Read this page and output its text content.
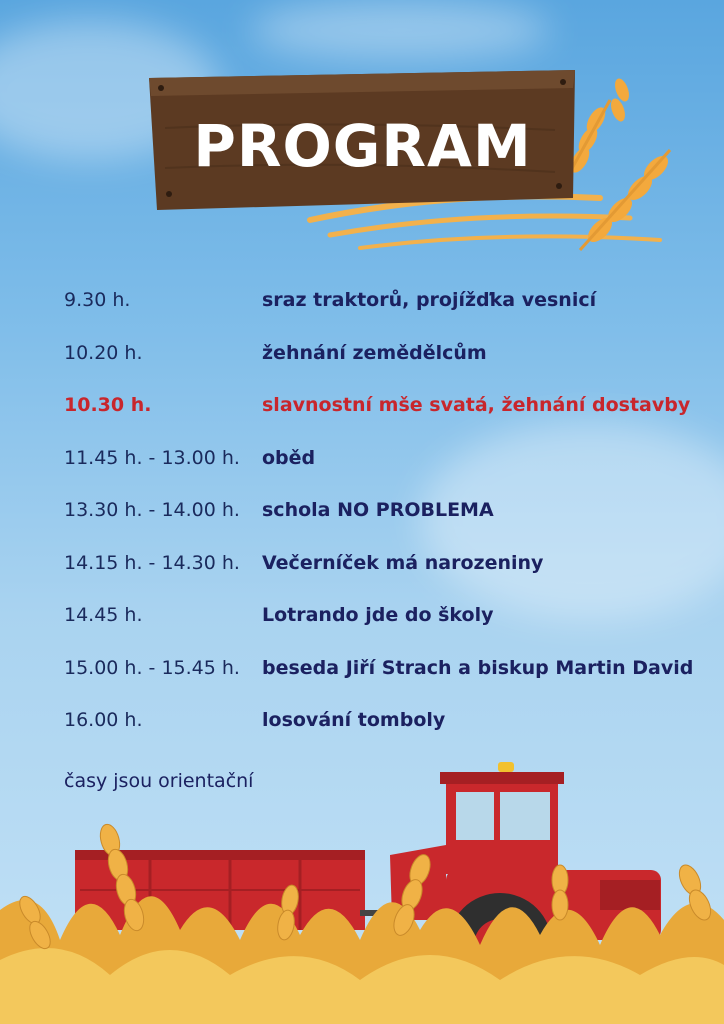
PROGRAM
9.30 h.	sraz traktorů, projížďka vesnicí
10.20 h.	žehnání zemědělcům
10.30 h.	slavnostní mše svatá, žehnání dostavby
11.45 h. - 13.00 h. oběd
13.30 h. - 14.00 h. schola NO PROBLEMA
14.15 h. - 14.30 h. Večerníček má narozeniny
14.45 h.	Lotrando jde do školy
15.00 h. - 15.45 h. beseda Jiří Strach a biskup Martin David
16.00 h.	losování tomboly
časy jsou orientační
